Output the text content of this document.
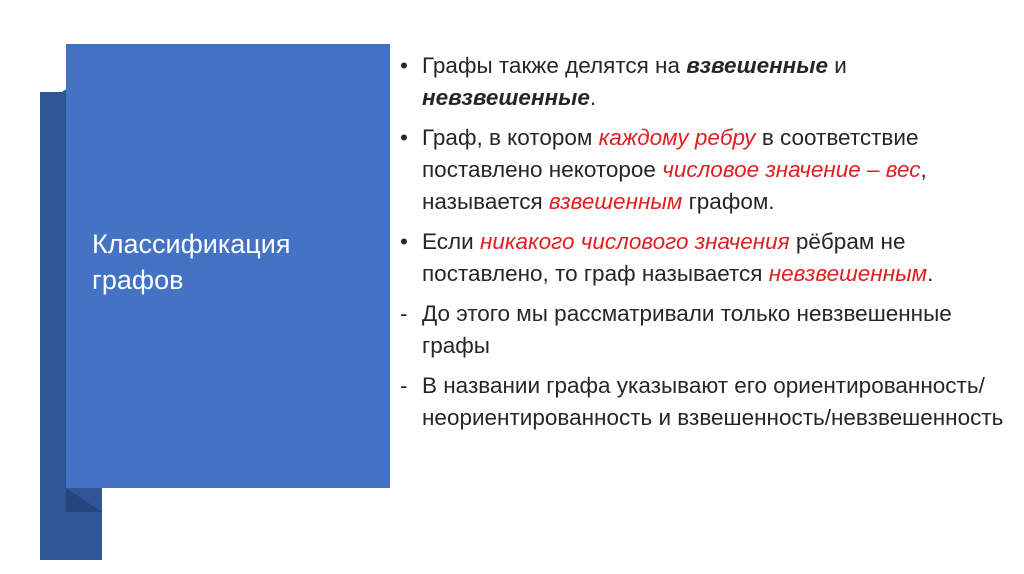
Классификация
графов
• Графы также делятся на взвешенные и невзвешенные.
• Граф, в котором каждому ребру в соответствие поставлено некоторое числовое значение – вес, называется взвешенным графом.
• Если никакого числового значения рёбрам не поставлено, то граф называется невзвешенным.
- До этого мы рассматривали только невзвешенные графы
- В названии графа указывают его ориентированность/неориентированность и взвешенность/невзвешенность
